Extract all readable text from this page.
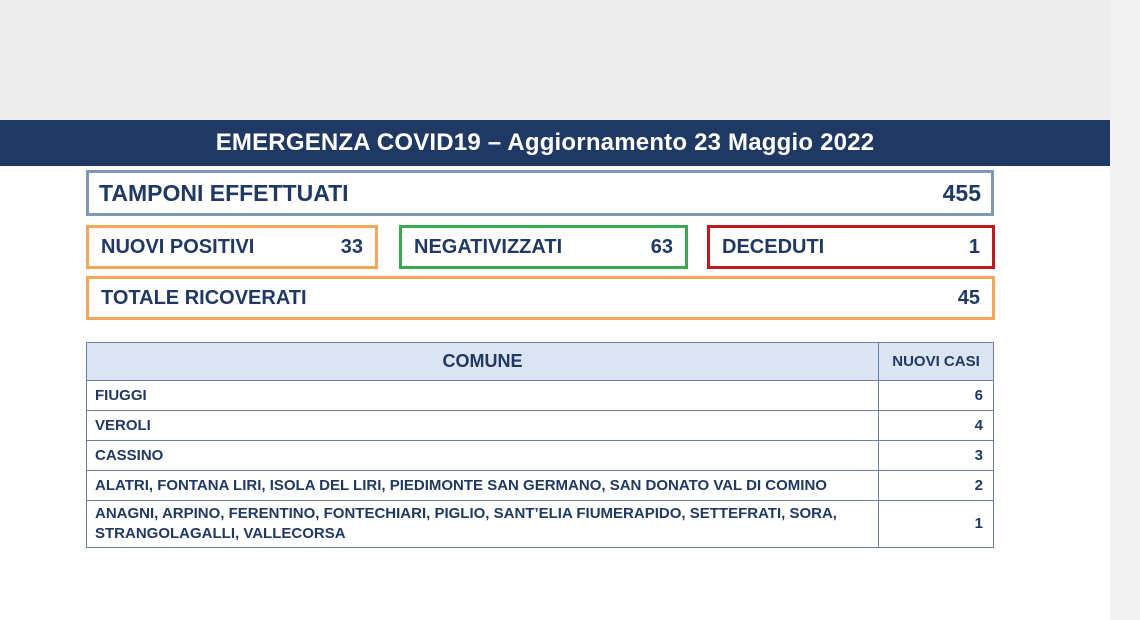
EMERGENZA COVID19 – Aggiornamento 23 Maggio 2022
TAMPONI EFFETTUATI	455
NUOVI POSITIVI	33	NEGATIVIZZATI	63 DECEDUTI	1
TOTALE RICOVERATI	45
COMUNE	NUOVI CASI
FIUGGI	6
VEROLI	4
CASSINO	3
ALATRI, FONTANA LIRI, ISOLA DEL LIRI, PIEDIMONTE SAN GERMANO, SAN DONATO VAL DI COMINO	2
ANAGNI, ARPINO, FERENTINO, FONTECHIARI, PIGLIO, SANT’ELIA FIUMERAPIDO, SETTEFRATI, SORA, STRANGOLAGALLI, VALLECORSA	1
